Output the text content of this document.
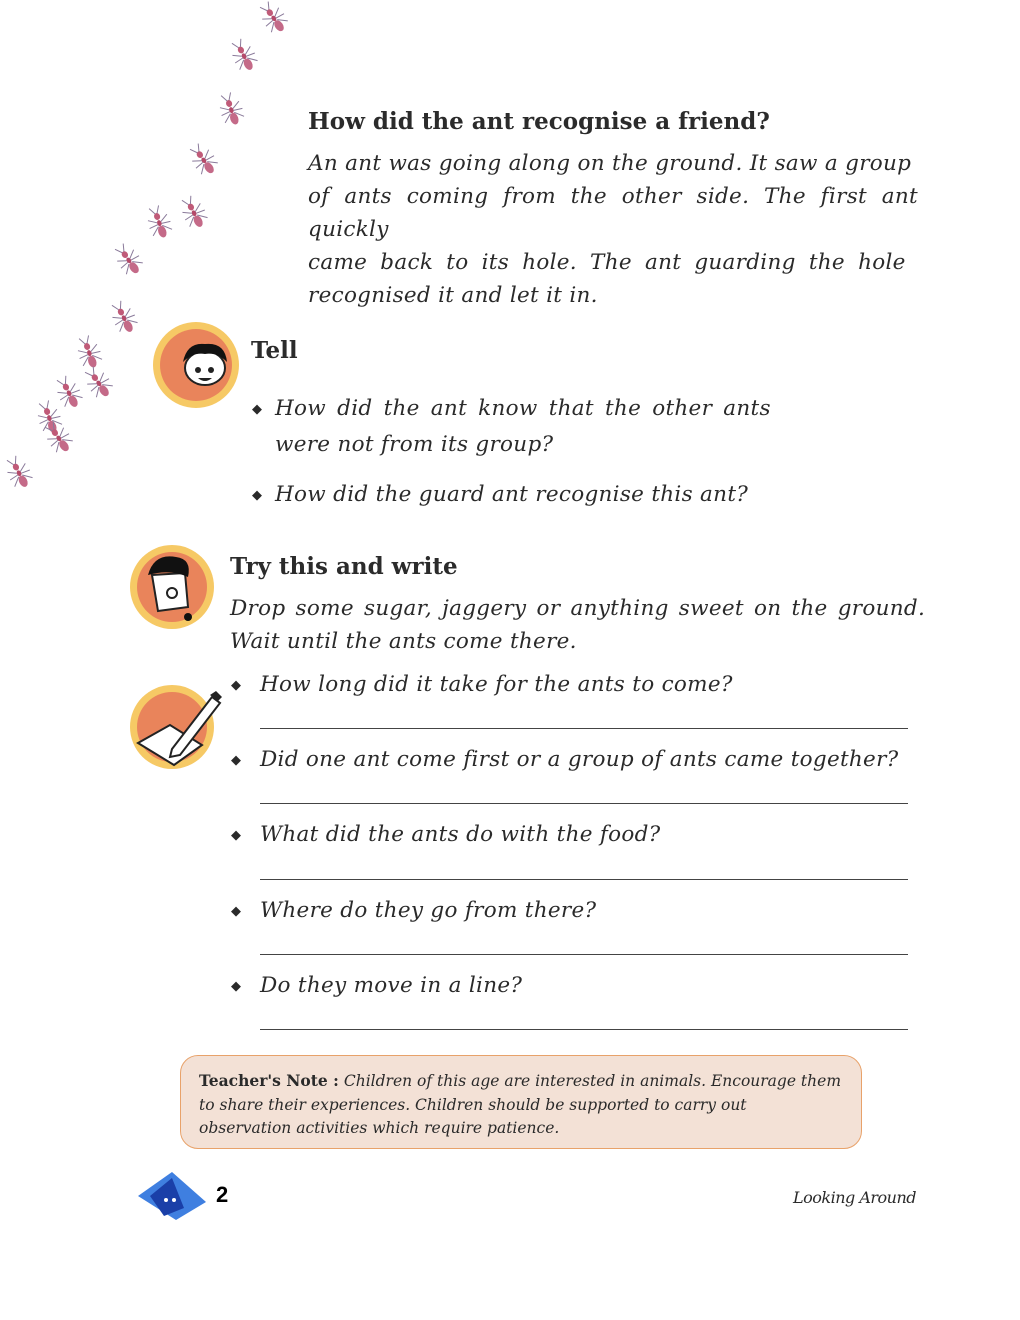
How did the ant recognise a friend?
An ant was going along on the ground. It saw a group
of ants coming from the other side. The first ant quickly
came back to its hole. The ant guarding the hole
recognised it and let it in.
Tell
◆ How did the ant know that the other ants
were not from its group?
◆ How did the guard ant recognise this ant?
Try this and write
Drop some sugar, jaggery or anything sweet on the ground.
Wait until the ants come there.
◆ How long did it take for the ants to come?
◆ Did one ant come first or a group of ants came together?
◆ What did the ants do with the food?
◆ Where do they go from there?
◆ Do they move in a line?
Teacher's Note : Children of this age are interested in animals. Encourage them to share their experiences. Children should be supported to carry out observation activities which require patience.
2	Looking Around
